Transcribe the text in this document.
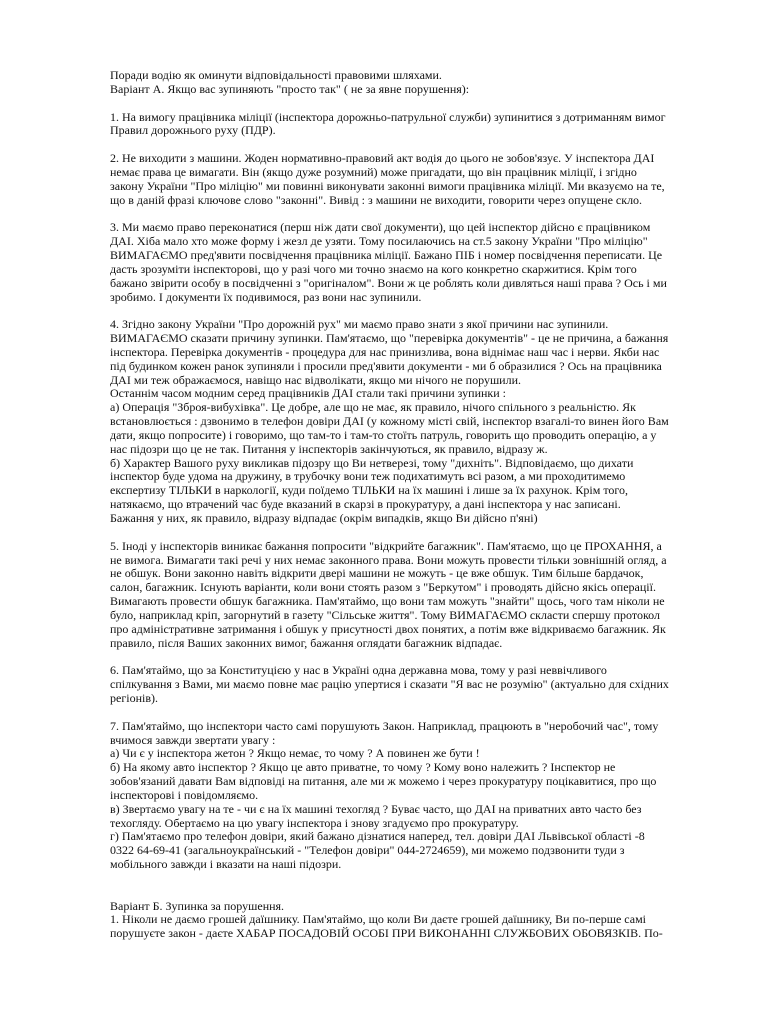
Поради водію як оминути відповідальності правовими шляхами.
Варіант А. Якщо вас зупиняють "просто так" ( не за явне порушення):
1. На вимогу працівника міліції (інспектора дорожньо-патрульної служби) зупинитися з дотриманням вимог
Правил дорожнього руху (ПДР).
2. Не виходити з машини. Жоден нормативно-правовий акт водія до цього не зобов'язує. У інспектора ДАІ
немає права це вимагати. Він (якщо дуже розумний) може пригадати, що він працівник міліції, і згідно
закону України "Про міліцію" ми повинні виконувати законні вимоги працівника міліції. Ми вказуємо на те,
що в даній фразі ключове слово "законні". Вивід : з машини не виходити, говорити через опущене скло.
3. Ми маємо право переконатися (перш ніж дати свої документи), що цей інспектор дійсно є працівником
ДАІ. Хіба мало хто може форму і жезл де узяти. Тому посилаючись на ст.5 закону України "Про міліцію"
ВИМАГАЄМО пред'явити посвідчення працівника міліції. Бажано ПІБ і номер посвідчення переписати. Це
дасть зрозуміти інспекторові, що у разі чого ми точно знаємо на кого конкретно скаржитися. Крім того
бажано звірити особу в посвідченні з "оригіналом". Вони ж це роблять коли дивляться наші права ? Ось і ми
зробимо. І документи їх подивимося, раз вони нас зупинили.
4. Згідно закону України "Про дорожній рух" ми маємо право знати з якої причини нас зупинили.
ВИМАГАЄМО сказати причину зупинки. Пам'ятаємо, що "перевірка документів" - це не причина, а бажання
інспектора. Перевірка документів - процедура для нас принизлива, вона віднімає наш час і нерви. Якби нас
під будинком кожен ранок зупиняли і просили пред'явити документи - ми б образилися ? Ось на працівника
ДАІ ми теж ображаємося, навіщо нас відволікати, якщо ми нічого не порушили.
Останнім часом модним серед працівників ДАІ стали такі причини зупинки :
а) Операція "Зброя-вибухівка". Це добре, але що не має, як правило, нічого спільного з реальністю. Як
встановлюється : дзвонимо в телефон довіри ДАІ (у кожному місті свій, інспектор взагалі-то винен його Вам
дати, якщо попросите) і говоримо, що там-то і там-то стоїть патруль, говорить що проводить операцію, а у
нас підозри що це не так. Питання у інспекторів закінчуються, як правило, відразу ж.
б) Характер Вашого руху викликав підозру що Ви нетверезі, тому "дихніть". Відповідаємо, що дихати
інспектор буде удома на дружину, в трубочку вони теж подихатимуть всі разом, а ми проходитимемо
експертизу ТІЛЬКИ в наркології, куди поїдемо ТІЛЬКИ на їх машині і лише за їх рахунок. Крім того,
натякаємо, що втрачений час буде вказаний в скарзі в прокуратуру, а дані інспектора у нас записані.
Бажання у них, як правило, відразу відпадає (окрім випадків, якщо Ви дійсно п'яні)
5. Іноді у інспекторів виникає бажання попросити "відкрийте багажник". Пам'ятаємо, що це ПРОХАННЯ, а
не вимога. Вимагати такі речі у них немає законного права. Вони можуть провести тільки зовнішній огляд, а
не обшук. Вони законно навіть відкрити двері машини не можуть - це вже обшук. Тим більше бардачок,
салон, багажник. Існують варіанти, коли вони стоять разом з "Беркутом" і проводять дійсно якісь операції.
Вимагають провести обшук багажника. Пам'ятаймо, що вони там можуть "знайти" щось, чого там ніколи не
було, наприклад кріп, загорнутий в газету "Сільське життя". Тому ВИМАГАЄМО скласти спершу протокол
про адміністративне затримання і обшук у присутності двох понятих, а потім вже відкриваємо багажник. Як
правило, після Ваших законних вимог, бажання оглядати багажник відпадає.
6. Пам'ятаймо, що за Конституцією у нас в Україні одна державна мова, тому у разі неввічливого
спілкування з Вами, ми маємо повне має рацію упертися і сказати "Я вас не розумію" (актуально для східних
регіонів).
7. Пам'ятаймо, що інспектори часто самі порушують Закон. Наприклад, працюють в "неробочий час", тому
вчимося завжди звертати увагу :
а) Чи є у інспектора жетон ? Якщо немає, то чому ? А повинен же бути !
б) На якому авто інспектор ? Якщо це авто приватне, то чому ? Кому воно належить ? Інспектор не
зобов'язаний давати Вам відповіді на питання, але ми ж можемо і через прокуратуру поцікавитися, про що
інспекторові і повідомляємо.
в) Звертаємо увагу на те - чи є на їх машині техогляд ? Буває часто, що ДАІ на приватних авто часто без
техогляду. Обертаємо на цю увагу інспектора і знову згадуємо про прокуратуру.
г) Пам'ятаємо про телефон довіри, який бажано дізнатися наперед, тел. довіри ДАІ Львівської області -8
0322 64-69-41 (загальноукраїнський - "Телефон довіри" 044-2724659), ми можемо подзвонити туди з
мобільного завжди і вказати на наші підозри.
Варіант Б. Зупинка за порушення.
1. Ніколи не даємо грошей даїшнику. Пам'ятаймо, що коли Ви даєте грошей даїшнику, Ви по-перше самі
порушуєте закон - даєте ХАБАР ПОСАДОВІЙ ОСОБІ ПРИ ВИКОНАННІ СЛУЖБОВИХ ОБОВЯЗКІВ. По-
